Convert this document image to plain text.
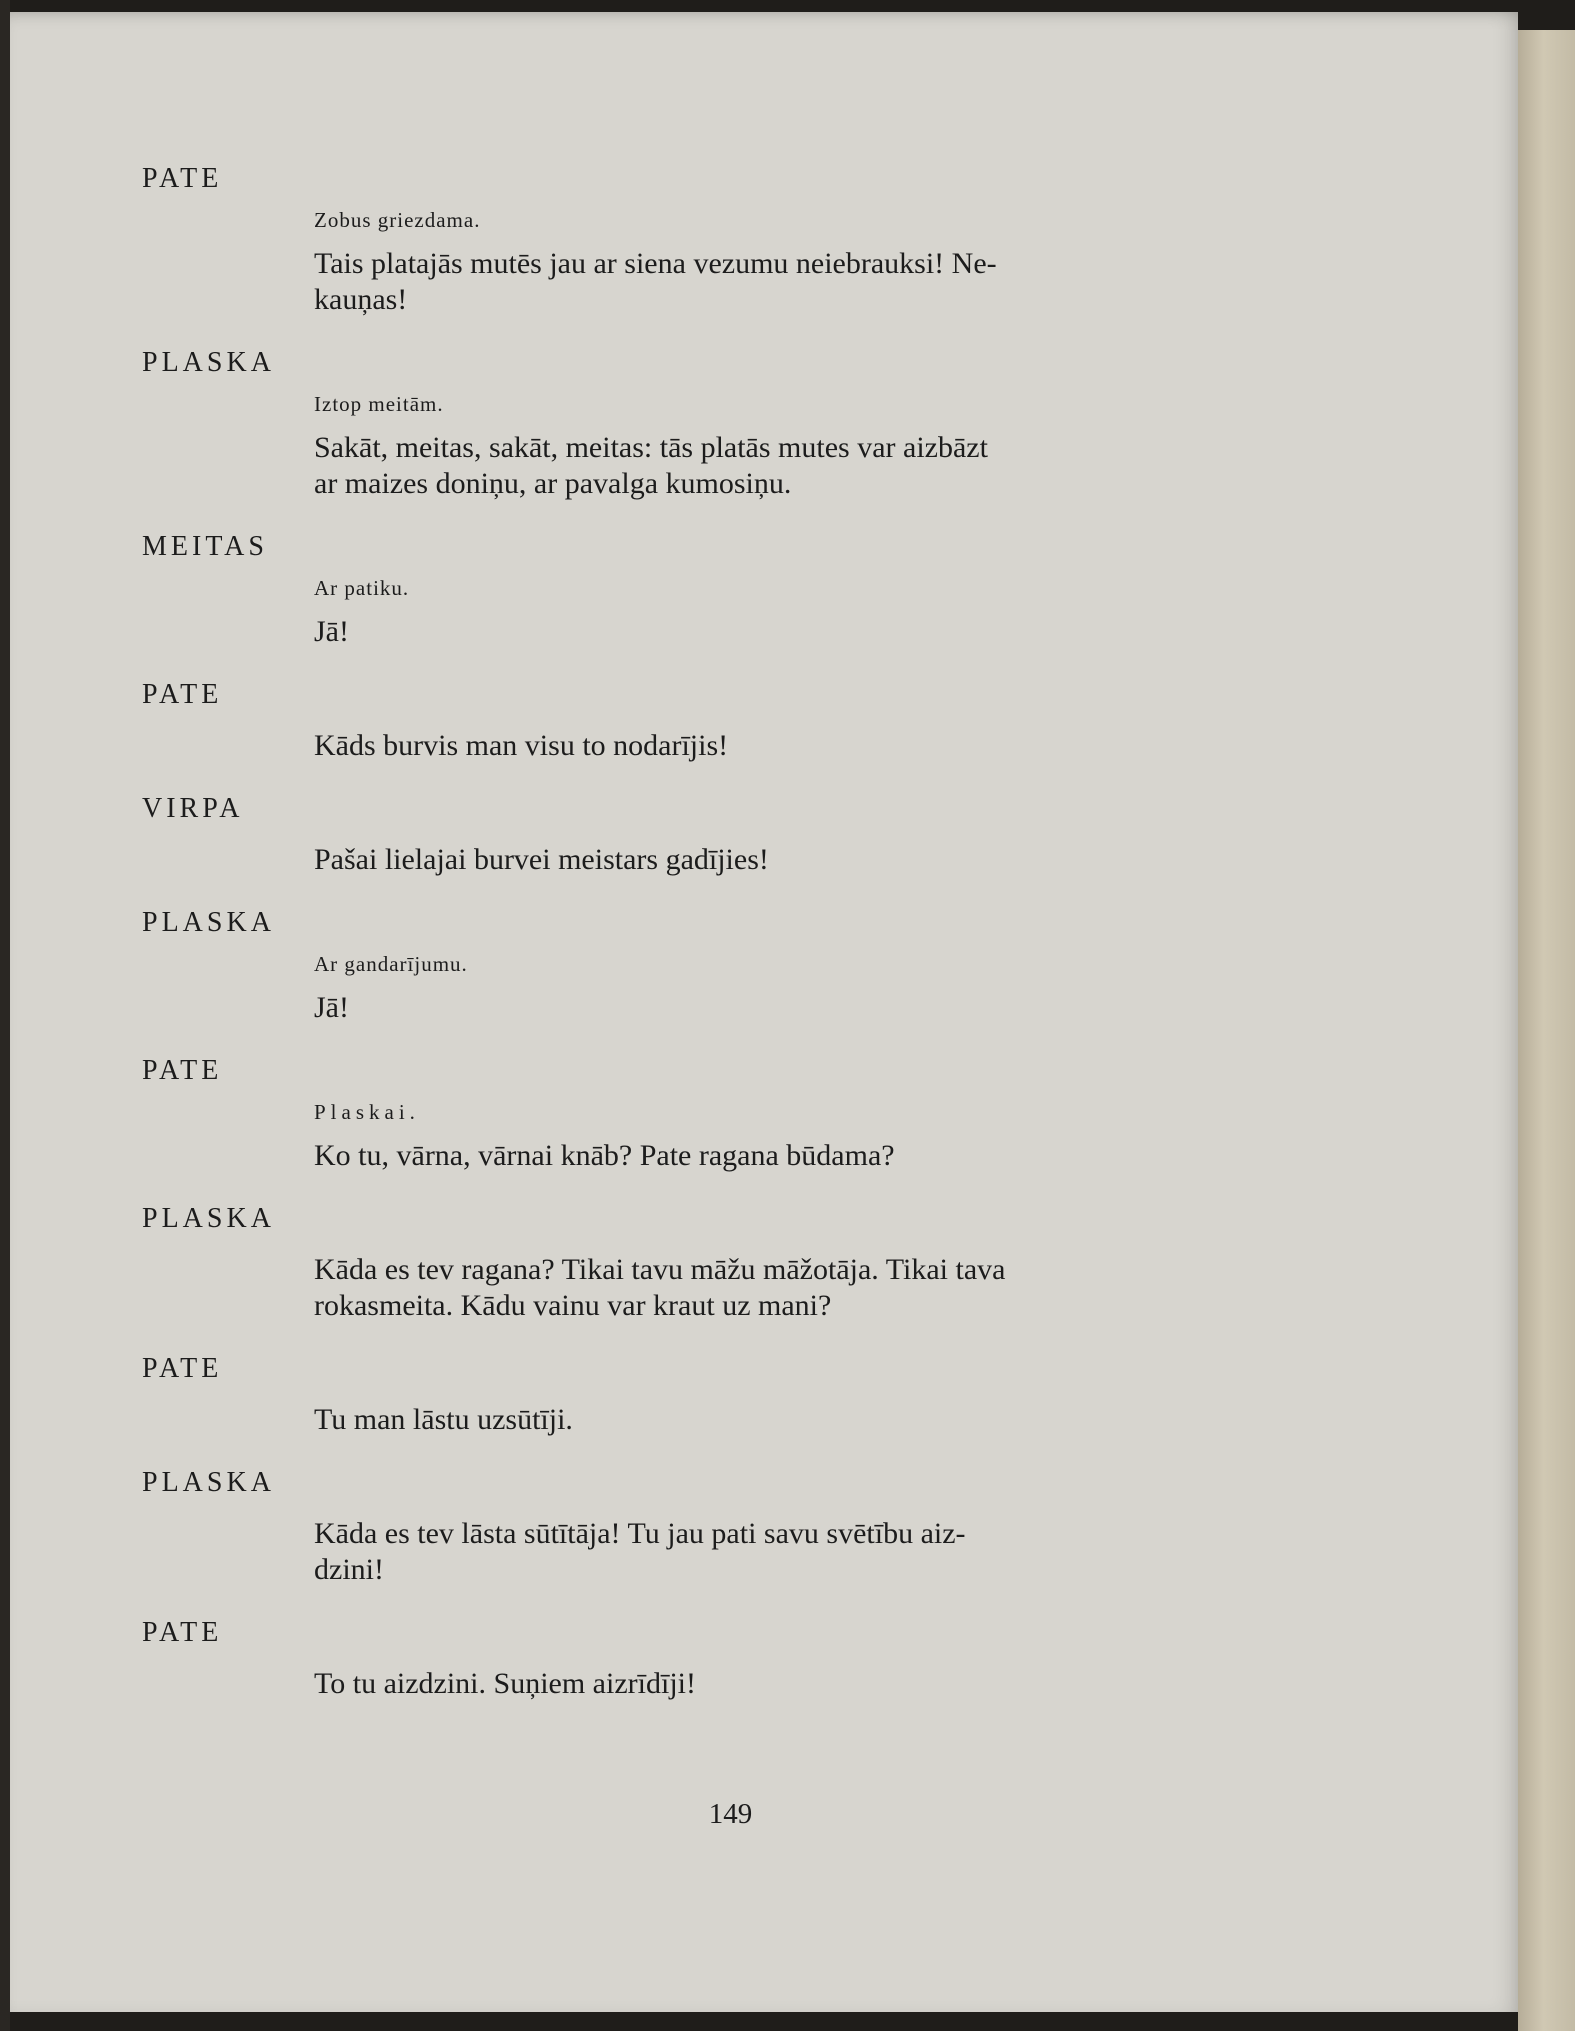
PATE

Zobus griezdama.
Tais platajās mutēs jau ar siena vezumu neiebrauksi! Ne-
kauņas!

PLASKA

Iztop meitām.
Sakāt, meitas, sakāt, meitas: tās platās mutes var aizbāzt
ar maizes doniņu, ar pavalga kumosiņu.

MEITAS

Ar patiku.
Jā!

PATE

Kāds burvis man visu to nodarījis!

VIRPA

Pašai lielajai burvei meistars gadījies!

PLASKA

Ar gandarījumu.
Jā!

PATE

Plaskai.
Ko tu, vārna, vārnai knāb? Pate ragana būdama?

PLASKA

Kāda es tev ragana? Tikai tavu māžu māžotāja. Tikai tava
rokasmeita. Kādu vainu var kraut uz mani?

PATE

Tu man lāstu uzsūtīji.

PLASKA

Kāda es tev lāsta sūtītāja! Tu jau pati savu svētību aiz-
dzini!

PATE

To tu aizdzini. Suņiem aizrīdīji!
149
